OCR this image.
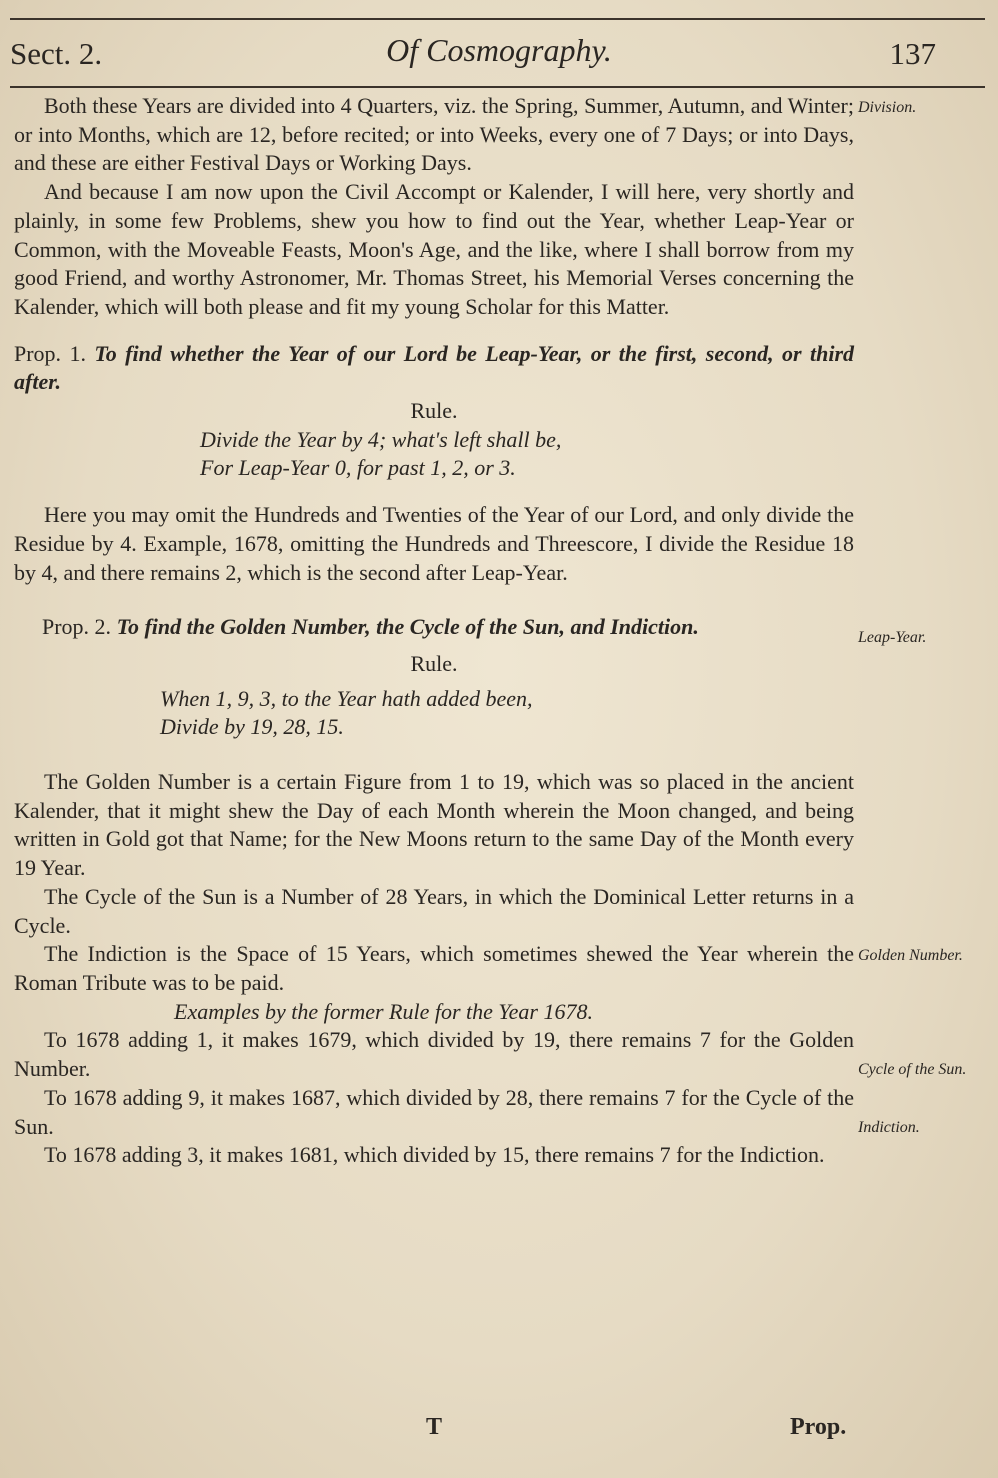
Sect. 2.	Of Cosmography.	137

Both these Years are divided into 4 Quarters, viz. the Spring, Summer, Autumn, and Winter; or into Months, which are 12, before recited; or into Weeks, every one of 7 Days; or into Days, and these are either Festival Days or Working Days.

And because I am now upon the Civil Accompt or Kalender, I will here, very shortly and plainly, in some few Problems, shew you how to find out the Year, whether Leap-Year or Common, with the Moveable Feasts, Moon's Age, and the like, where I shall borrow from my good Friend, and worthy Astronomer, Mr. Thomas Street, his Memorial Verses concerning the Kalender, which will both please and fit my young Scholar for this Matter.

Prop. 1. To find whether the Year of our Lord be Leap-Year, or the first, second, or third after.

Rule.

Divide the Year by 4; what's left shall be,

For Leap-Year 0, for past 1, 2, or 3.

Here you may omit the Hundreds and Twenties of the Year of our Lord, and only divide the Residue by 4. Example, 1678, omitting the Hundreds and Threescore, I divide the Residue 18 by 4, and there remains 2, which is the second after Leap-Year.

Prop. 2. To find the Golden Number, the Cycle of the Sun, and Indiction.

Rule.

When 1, 9, 3, to the Year hath added been,

Divide by 19, 28, 15.

The Golden Number is a certain Figure from 1 to 19, which was so placed in the ancient Kalender, that it might shew the Day of each Month wherein the Moon changed, and being written in Gold got that Name; for the New Moons return to the same Day of the Month every 19 Year.

The Cycle of the Sun is a Number of 28 Years, in which the Dominical Letter returns in a Cycle.

The Indiction is the Space of 15 Years, which sometimes shewed the Year wherein the Roman Tribute was to be paid.

Examples by the former Rule for the Year 1678.

To 1678 adding 1, it makes 1679, which divided by 19, there remains 7 for the Golden Number.

To 1678 adding 9, it makes 1687, which divided by 28, there remains 7 for the Cycle of the Sun.

To 1678 adding 3, it makes 1681, which divided by 15, there remains 7 for the Indiction.

Division.
Leap-Year.
Golden Number.
Cycle of the Sun.
Indiction.
T	Prop.
